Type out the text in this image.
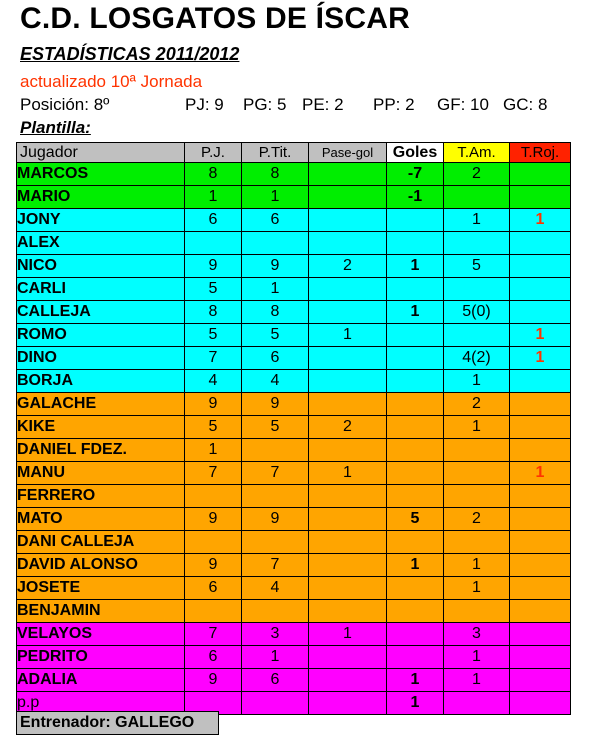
C.D. LOSGATOS DE ÍSCAR
ESTADÍSTICAS 2011/2012
actualizado 10ª Jornada
Posición: 8º	PJ: 9 PG: 5 PE: 2 PP: 2 GF: 10 GC: 8
Plantilla:
Jugador	P.J.	P.Tit.	Pase-gol	Goles	T.Am.	T.Roj.
MARCOS	8	8		-7	2	
MARIO	1	1		-1		
JONY	6	6			1	1
ALEX						
NICO	9	9	2	1	5	
CARLI	5	1				
CALLEJA	8	8		1	5(0)	
ROMO	5	5	1			1
DINO	7	6			4(2)	1
BORJA	4	4			1	
GALACHE	9	9			2	
KIKE	5	5	2		1	
DANIEL FDEZ.	1					
MANU	7	7	1			1
FERRERO						
MATO	9	9		5	2	
DANI CALLEJA						
DAVID ALONSO	9	7		1	1	
JOSETE	6	4			1	
BENJAMIN						
VELAYOS	7	3	1		3	
PEDRITO	6	1			1	
ADALIA	9	6		1	1	
p.p				1		
Entrenador: GALLEGO
